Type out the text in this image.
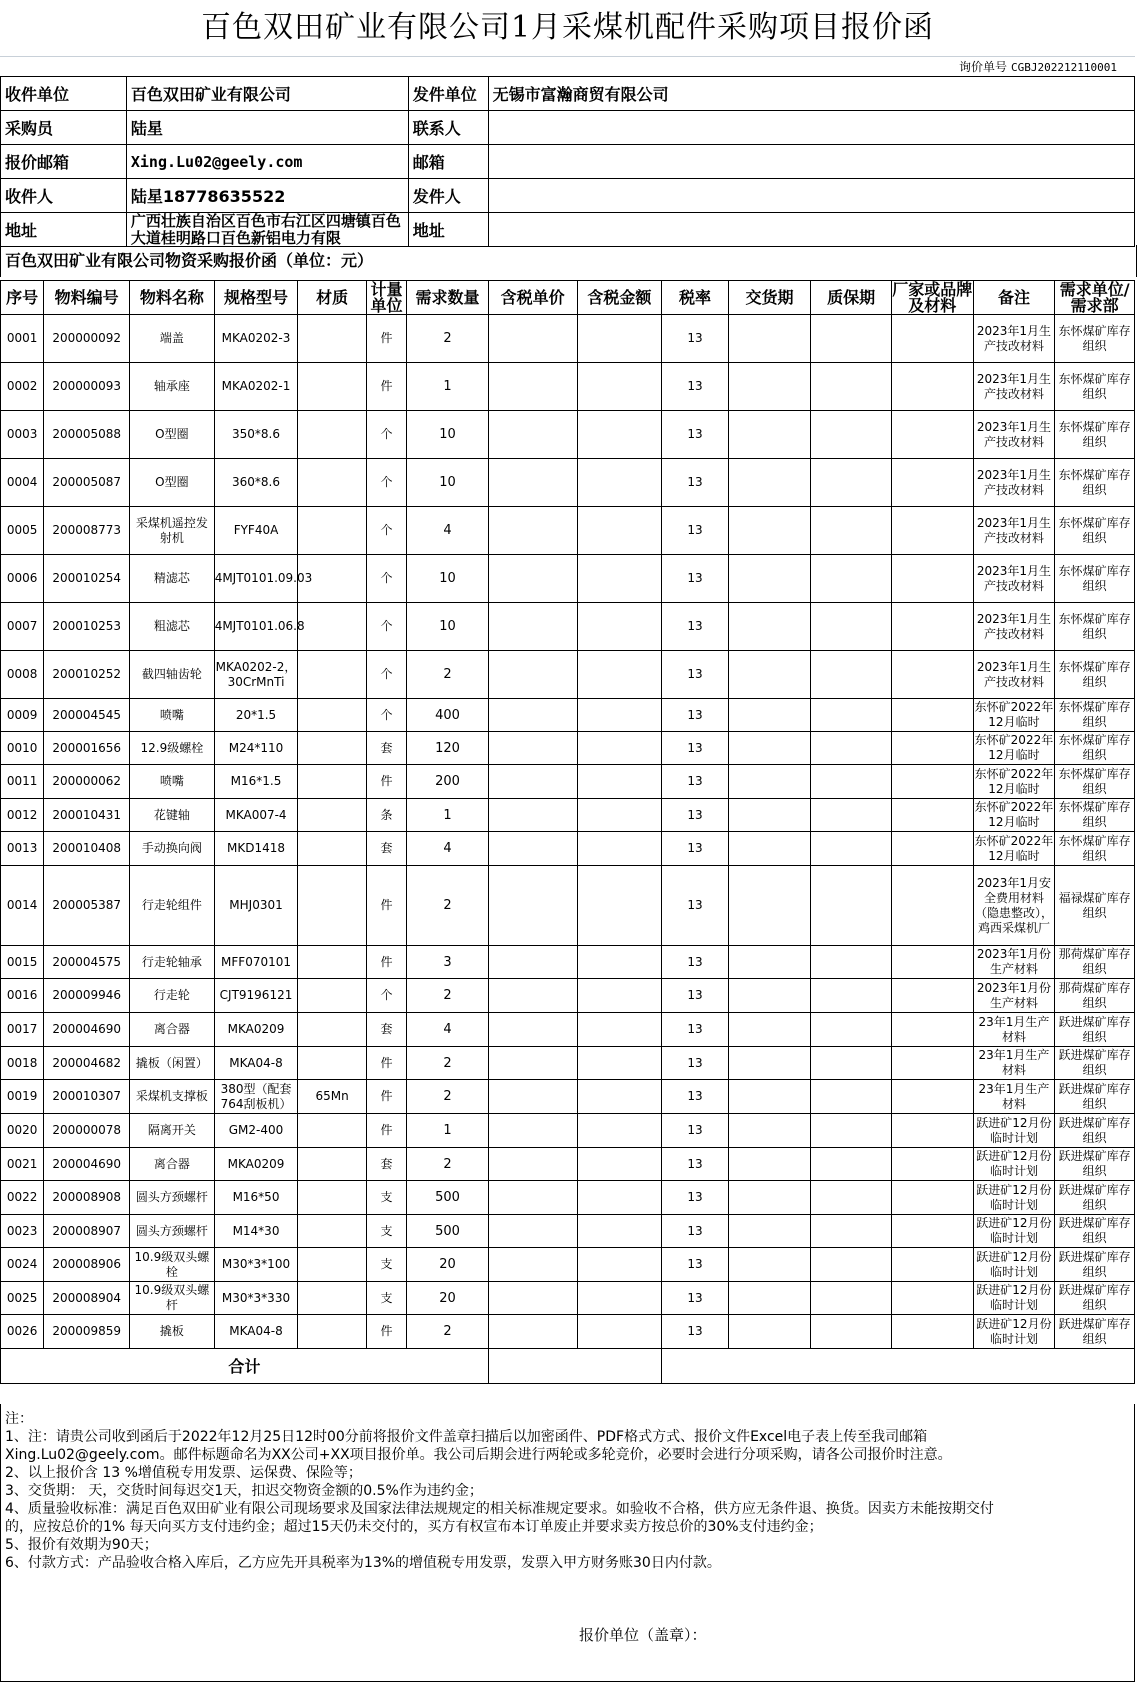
百色双田矿业有限公司1月采煤机配件采购项目报价函
询价单号 CGBJ202212110001
收件单位	百色双田矿业有限公司	发件单位	无锡市富瀚商贸有限公司
采购员	陆星	联系人	
报价邮箱	Xing.Lu02@geely.com	邮箱	
收件人	陆星18778635522	发件人	
地址	广西壮族自治区百色市右江区四塘镇百色大道桂明路口百色新铝电力有限	地址	
百色双田矿业有限公司物资采购报价函（单位：元）
序号	物料编号	物料名称	规格型号	材质	计量单位	需求数量	含税单价	含税金额	税率	交货期	质保期	厂家或品牌及材料	备注	需求单位/需求部
0001	200000092	端盖	MKA0202-3		件	2			13				2023年1月生产技改材料	东怀煤矿库存组织
0002	200000093	轴承座	MKA0202-1		件	1			13				2023年1月生产技改材料	东怀煤矿库存组织
0003	200005088	O型圈	350*8.6		个	10			13				2023年1月生产技改材料	东怀煤矿库存组织
0004	200005087	O型圈	360*8.6		个	10			13				2023年1月生产技改材料	东怀煤矿库存组织
0005	200008773	采煤机遥控发射机	FYF40A		个	4			13				2023年1月生产技改材料	东怀煤矿库存组织
0006	200010254	精滤芯	4MJT0101.09.03		个	10			13				2023年1月生产技改材料	东怀煤矿库存组织
0007	200010253	粗滤芯	4MJT0101.06.8		个	10			13				2023年1月生产技改材料	东怀煤矿库存组织
0008	200010252	截四轴齿轮	MKA0202-2，30CrMnTi		个	2			13				2023年1月生产技改材料	东怀煤矿库存组织
0009	200004545	喷嘴	20*1.5		个	400			13				东怀矿2022年12月临时	东怀煤矿库存组织
0010	200001656	12.9级螺栓	M24*110		套	120			13				东怀矿2022年12月临时	东怀煤矿库存组织
0011	200000062	喷嘴	M16*1.5		件	200			13				东怀矿2022年12月临时	东怀煤矿库存组织
0012	200010431	花键轴	MKA007-4		条	1			13				东怀矿2022年12月临时	东怀煤矿库存组织
0013	200010408	手动换向阀	MKD1418		套	4			13				东怀矿2022年12月临时	东怀煤矿库存组织
0014	200005387	行走轮组件	MHJ0301		件	2			13				2023年1月安全费用材料（隐患整改），鸡西采煤机厂	福禄煤矿库存组织
0015	200004575	行走轮轴承	MFF070101		件	3			13				2023年1月份生产材料	那荷煤矿库存组织
0016	200009946	行走轮	CJT9196121		个	2			13				2023年1月份生产材料	那荷煤矿库存组织
0017	200004690	离合器	MKA0209		套	4			13				23年1月生产材料	跃进煤矿库存组织
0018	200004682	撬板（闲置）	MKA04-8		件	2			13				23年1月生产材料	跃进煤矿库存组织
0019	200010307	采煤机支撑板	380型（配套764刮板机）	65Mn	件	2			13				23年1月生产材料	跃进煤矿库存组织
0020	200000078	隔离开关	GM2-400		件	1			13				跃进矿12月份临时计划	跃进煤矿库存组织
0021	200004690	离合器	MKA0209		套	2			13				跃进矿12月份临时计划	跃进煤矿库存组织
0022	200008908	圆头方颈螺杆	M16*50		支	500			13				跃进矿12月份临时计划	跃进煤矿库存组织
0023	200008907	圆头方颈螺杆	M14*30		支	500			13				跃进矿12月份临时计划	跃进煤矿库存组织
0024	200008906	10.9级双头螺栓	M30*3*100		支	20			13				跃进矿12月份临时计划	跃进煤矿库存组织
0025	200008904	10.9级双头螺杆	M30*3*330		支	20			13				跃进矿12月份临时计划	跃进煤矿库存组织
0026	200009859	撬板	MKA04-8		件	2			13				跃进矿12月份临时计划	跃进煤矿库存组织
合计														

注：

1、注：请贵公司收到函后于2022年12月25日12时00分前将报价文件盖章扫描后以加密函件、PDF格式方式、报价文件Excel电子表上传至我司邮箱

Xing.Lu02@geely.com。邮件标题命名为XX公司+XX项目报价单。我公司后期会进行两轮或多轮竞价，必要时会进行分项采购，请各公司报价时注意。

2、以上报价含 13 %增值税专用发票、运保费、保险等；

3、交货期： 天，交货时间每迟交1天，扣迟交物资金额的0.5%作为违约金；

4、质量验收标准：满足百色双田矿业有限公司现场要求及国家法律法规规定的相关标准规定要求。如验收不合格，供方应无条件退、换货。因卖方未能按期交付

的，应按总价的1% 每天向买方支付违约金；超过15天仍未交付的，买方有权宣布本订单废止并要求卖方按总价的30%支付违约金；

5、报价有效期为90天；

6、付款方式：产品验收合格入库后，乙方应先开具税率为13%的增值税专用发票，发票入甲方财务账30日内付款。

报价单位（盖章）：
